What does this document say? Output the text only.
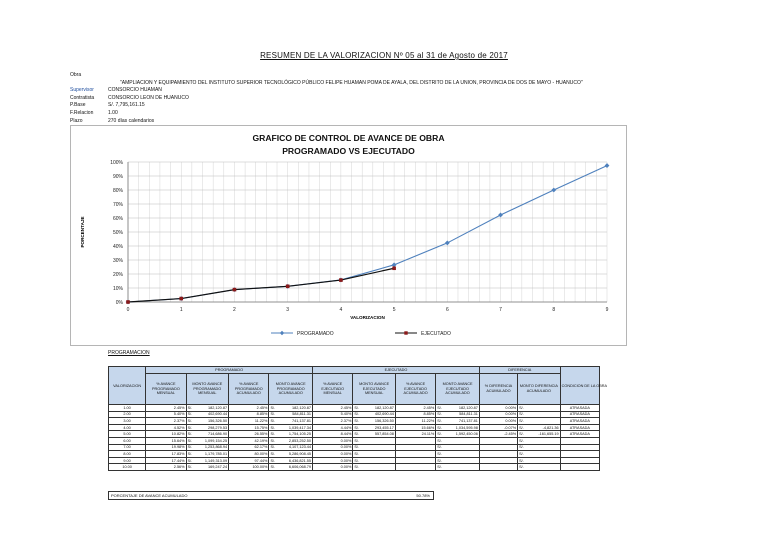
RESUMEN DE LA VALORIZACION Nº 05 al 31 de Agosto de 2017
Obra
"AMPLIACION Y EQUIPAMIENTO DEL INSTITUTO SUPERIOR TECNOLÓGICO PÚBLICO FELIPE HUAMAN POMA DE AYALA, DEL DISTRITO DE LA UNION, PROVINCIA DE DOS DE MAYO - HUANUCO"
Supervisor	CONSORCIO HUAMAN
Contratista	CONSORCIO LEON DE HUANUCO
P.Base	S/. 7,795,161.15
F.Relacion	1.00
Plazo	270 días calendarios
GRAFICO DE CONTROL DE AVANCE DE OBRA
PROGRAMADO VS EJECUTADO
0%
10%
20%
30%
40%
50%
60%
70%
80%
90%
100%
0	1	2	3	4	5	6	7	8	9
VALORIZACION
PORCENTAJE
PROGRAMADO	EJECUTADO
PROGRAMACION
VALORIZACION	PROGRAMADO						EJECUTADO						DIFERENCIA			CONDICION DE LA OBRA
	% AVANCE PROGRAMADO MENSUAL	MONTO AVANCE PROGRAMADO MENSUAL		% AVANCE PROGRAMADO ACUMULADO	MONTO AVANCE PROGRAMADO ACUMULADO		% AVANCE EJECUTADO MENSUAL	MONTO AVANCE EJECUTADO MENSUAL		% AVANCE EJECUTADO ACUMULADO	MONTO AVANCE EJECUTADO ACUMULADO		% DIFERENCIA ACUMULADO	MONTO DIFERENCIA ACUMULADO		
1.00	2.45%	S/.	182,120.87	2.45%	S/.	182,120.87	2.45%	S/.	182,120.87	2.45%	S/.	182,120.87	0.00%	S/.		ATRASADA
2.00	5.40%	S/.	402,690.44	8.85%	S/.	584,811.31	5.40%	S/.	402,690.44	8.85%	S/.	584,811.31	0.00%	S/.		ATRASADA
3.00	2.37%	S/.	156,326.50	11.22%	S/.	741,137.81	2.37%	S/.	156,326.50	11.22%	S/.	741,137.81	0.00%	S/.		ATRASADA
4.00	4.52%	S/.	298,279.53	15.75%	S/.	1,039,417.34	4.44%	S/.	293,455.17	15.66%	S/.	1,034,595.98	-0.07%	S/.	-4,821.36	ATRASADA
5.00	10.82%	S/.	714,686.90	26.55%	S/.	1,754,105.25	8.44%	S/.	557,854.08	24.11%	S/.	1,592,450.06	-2.45%	S/.	-161,655.19	ATRASADA
6.00	15.64%	S/.	1,099,154.25	42.19%	S/.	2,853,252.50	0.00%	S/.			S/.			S/.		
7.00	19.98%	S/.	1,253,868.94	62.17%	S/.	4,107,123.44	0.00%	S/.			S/.			S/.		
8.00	17.83%	S/.	1,179,785.01	80.00%	S/.	5,286,908.45	0.00%	S/.			S/.			S/.		
9.00	17.44%	S/.	1,149,313.09	97.44%	S/.	6,436,821.55	0.00%	S/.			S/.			S/.		
10.00	2.56%	S/.	169,247.24	100.00%	S/.	6,606,068.79	0.00%	S/.			S/.			S/.		
PORCENTAJE DE AVANCE ACUMULADO	50.78%
